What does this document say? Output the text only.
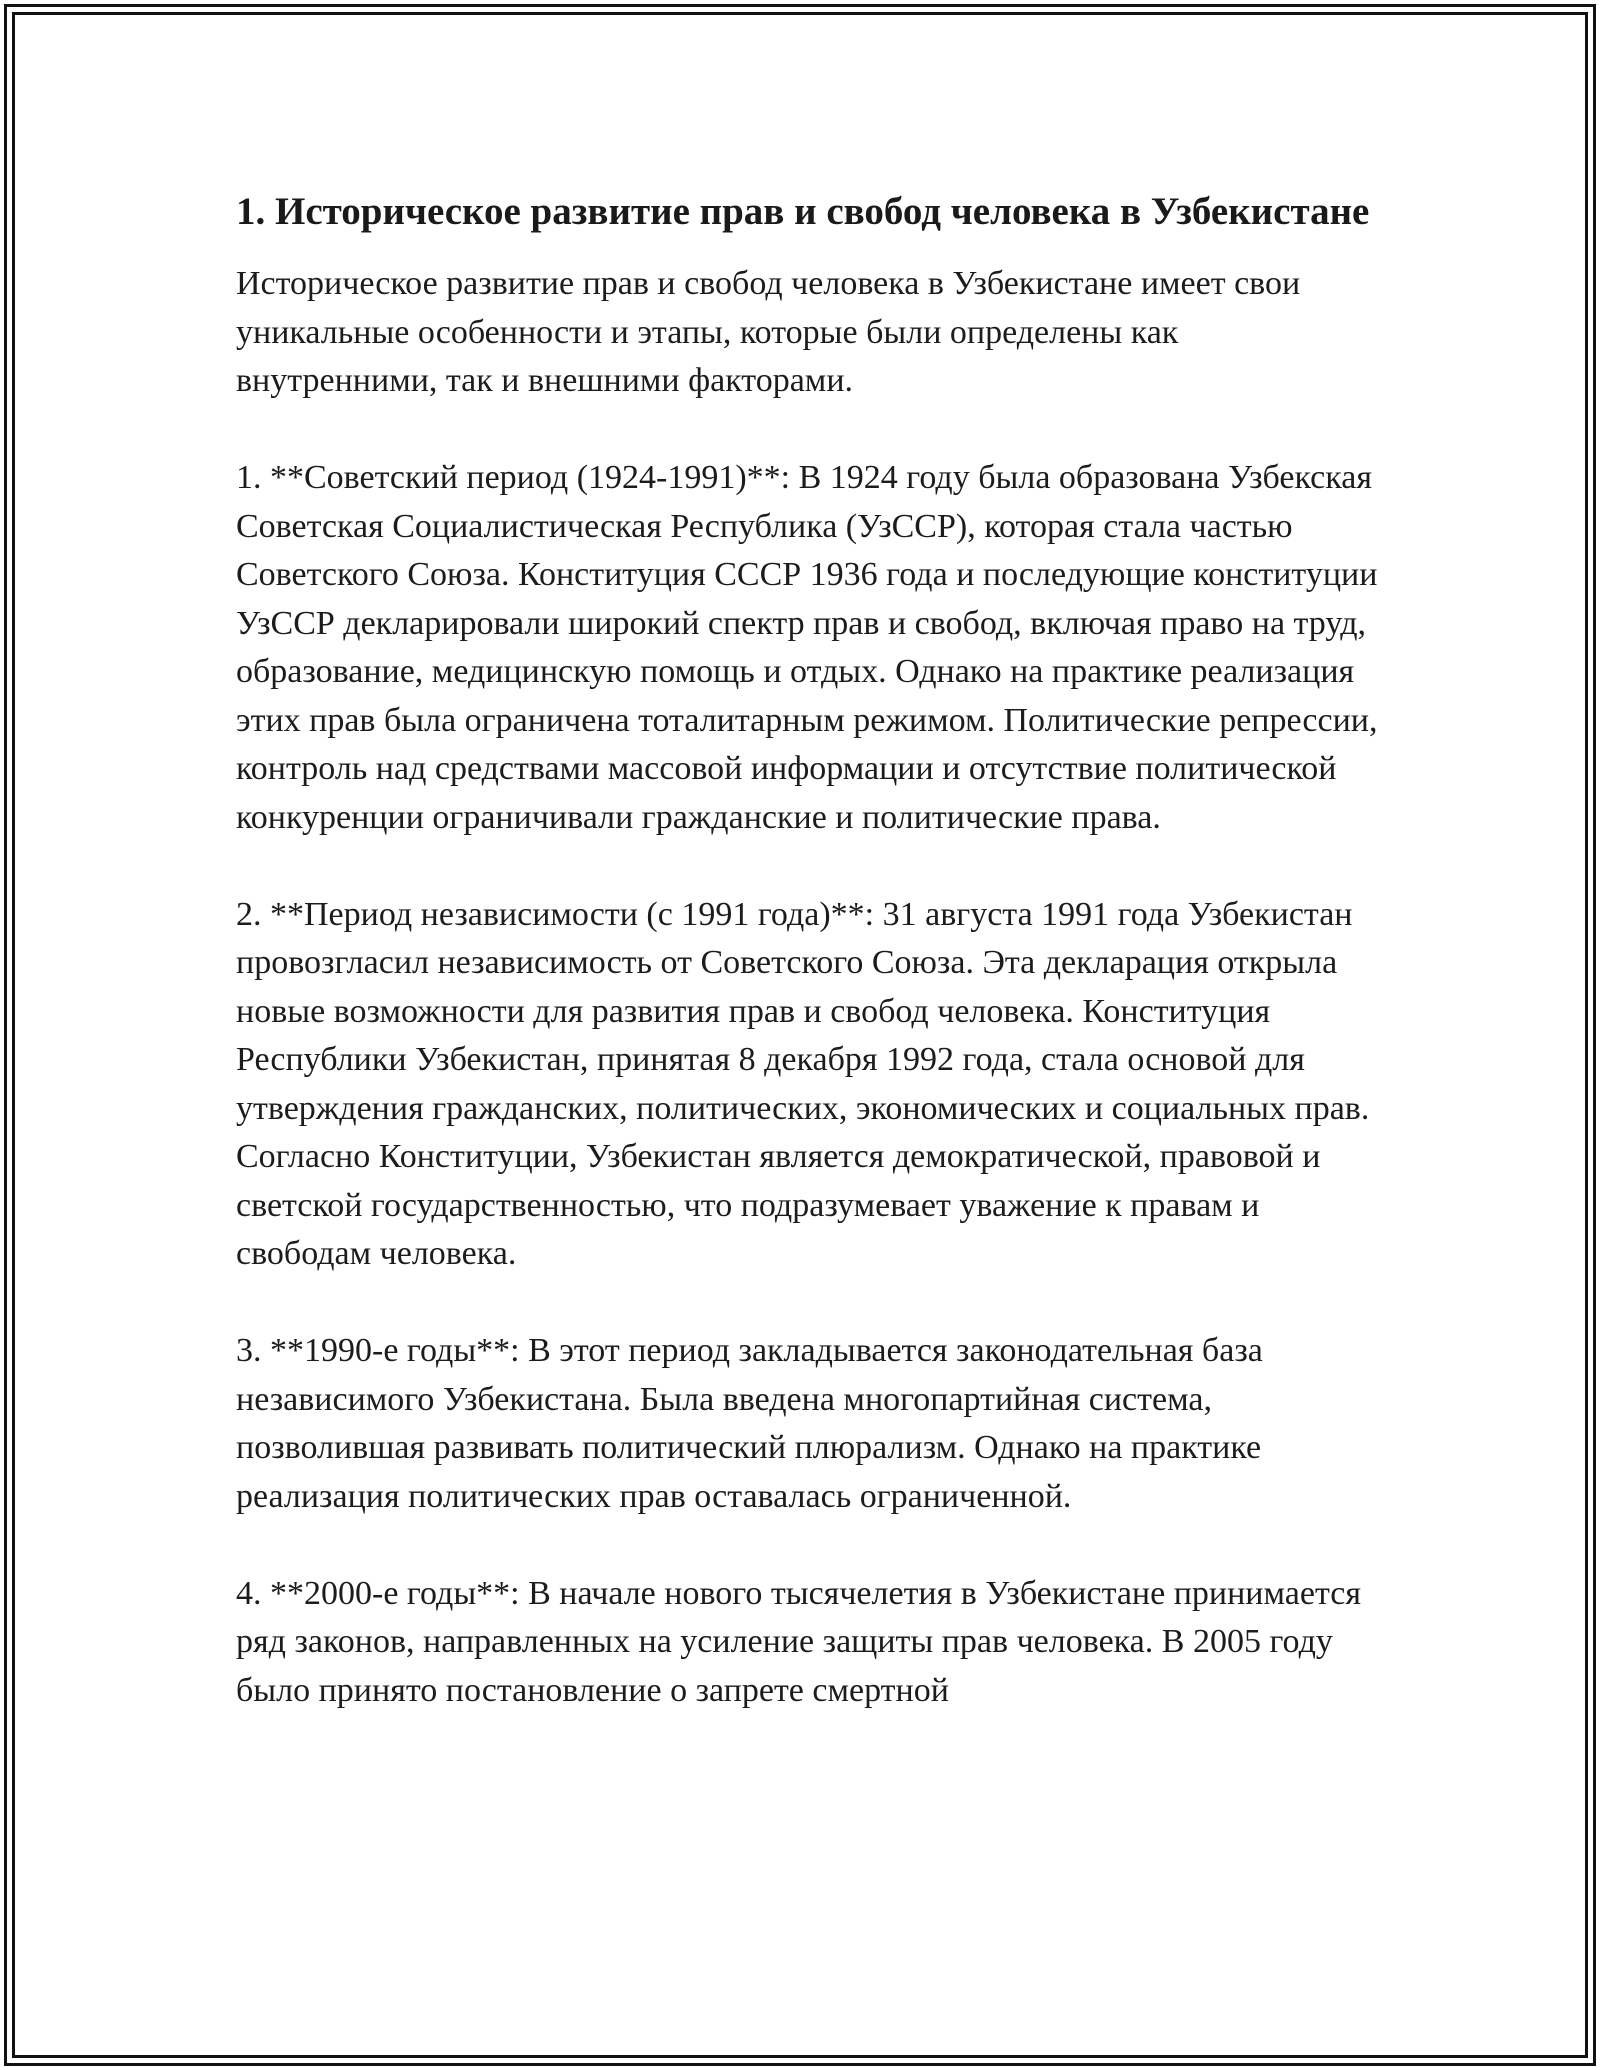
1. Историческое развитие прав и свобод человека в Узбекистане

Историческое развитие прав и свобод человека в Узбекистане имеет свои уникальные особенности и этапы, которые были определены как внутренними, так и внешними факторами.

1. **Советский период (1924-1991)**: В 1924 году была образована Узбекская Советская Социалистическая Республика (УзССР), которая стала частью Советского Союза. Конституция СССР 1936 года и последующие конституции УзССР декларировали широкий спектр прав и свобод, включая право на труд, образование, медицинскую помощь и отдых. Однако на практике реализация этих прав была ограничена тоталитарным режимом. Политические репрессии, контроль над средствами массовой информации и отсутствие политической конкуренции ограничивали гражданские и политические права.

2. **Период независимости (с 1991 года)**: 31 августа 1991 года Узбекистан провозгласил независимость от Советского Союза. Эта декларация открыла новые возможности для развития прав и свобод человека. Конституция Республики Узбекистан, принятая 8 декабря 1992 года, стала основой для утверждения гражданских, политических, экономических и социальных прав. Согласно Конституции, Узбекистан является демократической, правовой и светской государственностью, что подразумевает уважение к правам и свободам человека.

3. **1990-е годы**: В этот период закладывается законодательная база независимого Узбекистана. Была введена многопартийная система, позволившая развивать политический плюрализм. Однако на практике реализация политических прав оставалась ограниченной.

4. **2000-е годы**: В начале нового тысячелетия в Узбекистане принимается ряд законов, направленных на усиление защиты прав человека. В 2005 году было принято постановление о запрете смертной
